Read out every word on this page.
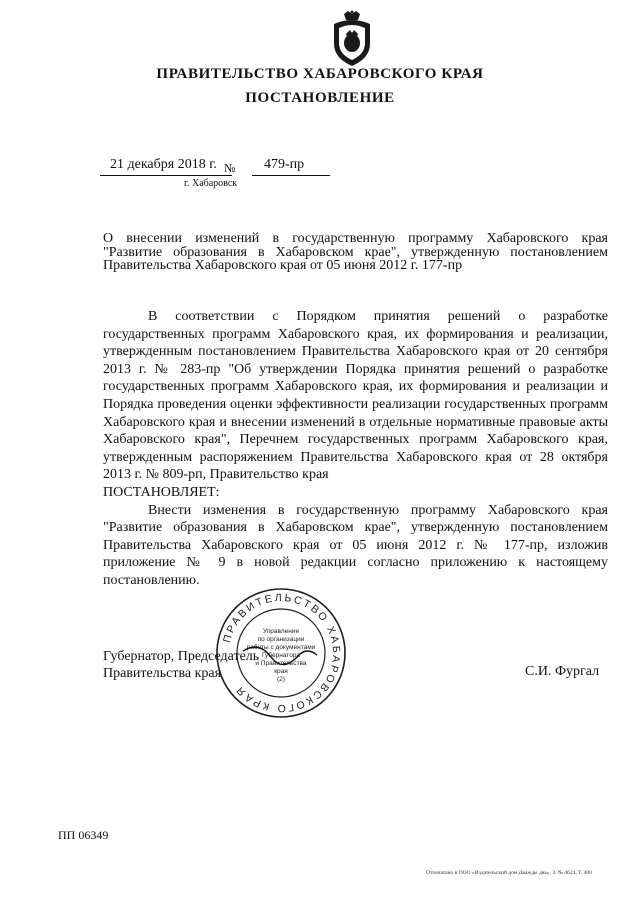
ПРАВИТЕЛЬСТВО ХАБАРОВСКОГО КРАЯ
ПОСТАНОВЛЕНИЕ
21 декабря 2018 г. № 479-пр
г. Хабаровск
О внесении изменений в государственную программу Хабаровского края
"Развитие образования в Хабаровском крае", утвержденную постановлением
Правительства Хабаровского края от 05 июня 2012 г. 177-пр

В соответствии с Порядком принятия решений о разработке государственных программ Хабаровского края, их формирования и реализации, утвержденным постановлением Правительства Хабаровского края от 20 сентября 2013 г. № 283-пр "Об утверждении Порядка принятия решений о разработке государственных программ Хабаровского края, их формирования и реализации и Порядка проведения оценки эффективности реализации государственных программ Хабаровского края и внесении изменений в отдельные нормативные правовые акты Хабаровского края", Перечнем государственных программ Хабаровского края, утвержденным распоряжением Правительства Хабаровского края от 28 октября 2013 г. № 809-рп, Правительство края

ПОСТАНОВЛЯЕТ:

Внести изменения в государственную программу Хабаровского края "Развитие образования в Хабаровском крае", утвержденную постановлением Правительства Хабаровского края от 05 июня 2012 г. № 177-пр, изложив приложение № 9 в новой редакции согласно приложению к настоящему постановлению.

Губернатор, Председатель
Правительства края	С.И. Фургал
ПРАВИТЕЛЬСТВО ХАБАРОВСКОГО КРАЯ
Управление
по организации
работы с документами
Губернатора
и Правительства
края
(2)
ПП 06349
Отпечатано в ООО «Издательский дом Дважды два», З. № 4624, Т. 400
